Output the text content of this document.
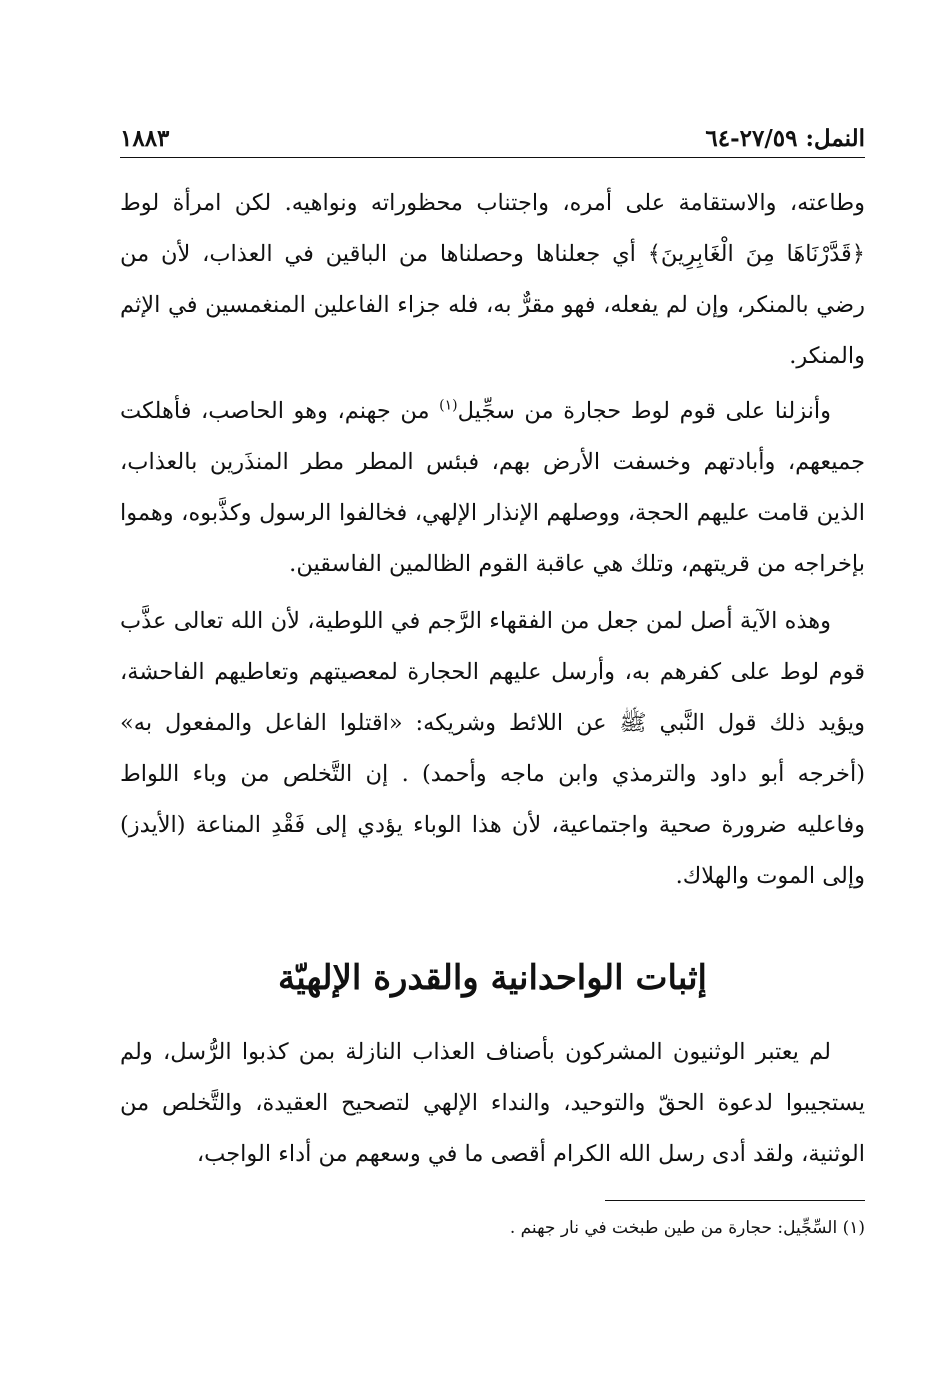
النمل: ٢٧/٥٩-٦٤
١٨٨٣
وطاعته، والاستقامة على أمره، واجتناب محظوراته ونواهيه. لكن امرأة لوط ﴿قَدَّرْنَاهَا مِنَ الْغَابِرِينَ﴾ أي جعلناها وحصلناها من الباقين في العذاب، لأن من رضي بالمنكر، وإن لم يفعله، فهو مقرٌّ به، فله جزاء الفاعلين المنغمسين في الإثم والمنكر.
وأنزلنا على قوم لوط حجارة من سجِّيل$^{(١)}$ من جهنم، وهو الحاصب، فأهلكت جميعهم، وأبادتهم وخسفت الأرض بهم، فبئس المطر مطر المنذَرين بالعذاب، الذين قامت عليهم الحجة، ووصلهم الإنذار الإلهي، فخالفوا الرسول وكذَّبوه، وهموا بإخراجه من قريتهم، وتلك هي عاقبة القوم الظالمين الفاسقين.
وهذه الآية أصل لمن جعل من الفقهاء الرَّجم في اللوطية، لأن الله تعالى عذَّب قوم لوط على كفرهم به، وأرسل عليهم الحجارة لمعصيتهم وتعاطيهم الفاحشة، ويؤيد ذلك قول النَّبي ﷺ عن اللائط وشريكه: «اقتلوا الفاعل والمفعول به» (أخرجه أبو داود والترمذي وابن ماجه وأحمد) . إن التَّخلص من وباء اللواط وفاعليه ضرورة صحية واجتماعية، لأن هذا الوباء يؤدي إلى فَقْدِ المناعة (الأيدز) وإلى الموت والهلاك.
إثبات الواحدانية والقدرة الإلهيّة
لم يعتبر الوثنيون المشركون بأصناف العذاب النازلة بمن كذبوا الرُّسل، ولم يستجيبوا لدعوة الحقّ والتوحيد، والنداء الإلهي لتصحيح العقيدة، والتَّخلص من الوثنية، ولقد أدى رسل الله الكرام أقصى ما في وسعهم من أداء الواجب،
(١) السِّجِّيل: حجارة من طين طبخت في نار جهنم .
